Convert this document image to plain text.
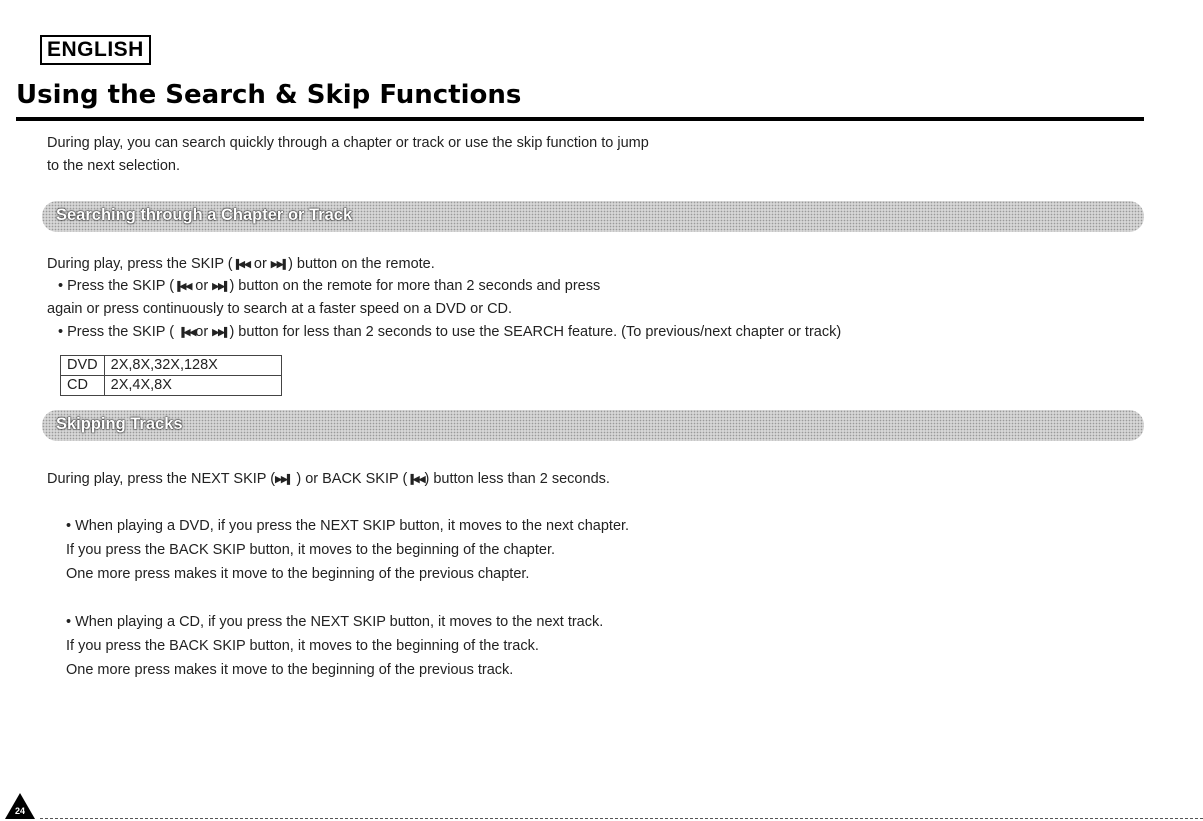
ENGLISH
Using the Search & Skip Functions
During play, you can search quickly through a chapter or track or use the skip function to jump
to the next selection.
Searching through a Chapter or Track
During play, press the SKIP (▐◀◀ or ▶▶▌) button on the remote.
• Press the SKIP (▐◀◀ or ▶▶▌) button on the remote for more than 2 seconds and press
again or press continuously to search at a faster speed on a DVD or CD.
• Press the SKIP ( ▐◀◀or ▶▶▌) button for less than 2 seconds to use the SEARCH feature. (To previous/next chapter or track)
DVD	2X,8X,32X,128X
CD	2X,4X,8X
Skipping Tracks
During play, press the NEXT SKIP (▶▶▌ ) or BACK SKIP (▐◀◀) button less than 2 seconds.
• When playing a DVD, if you press the NEXT SKIP button, it moves to the next chapter.
If you press the BACK SKIP button, it moves to the beginning of the chapter.
One more press makes it move to the beginning of the previous chapter.
• When playing a CD, if you press the NEXT SKIP button, it moves to the next track.
If you press the BACK SKIP button, it moves to the beginning of the track.
One more press makes it move to the beginning of the previous track.
24
